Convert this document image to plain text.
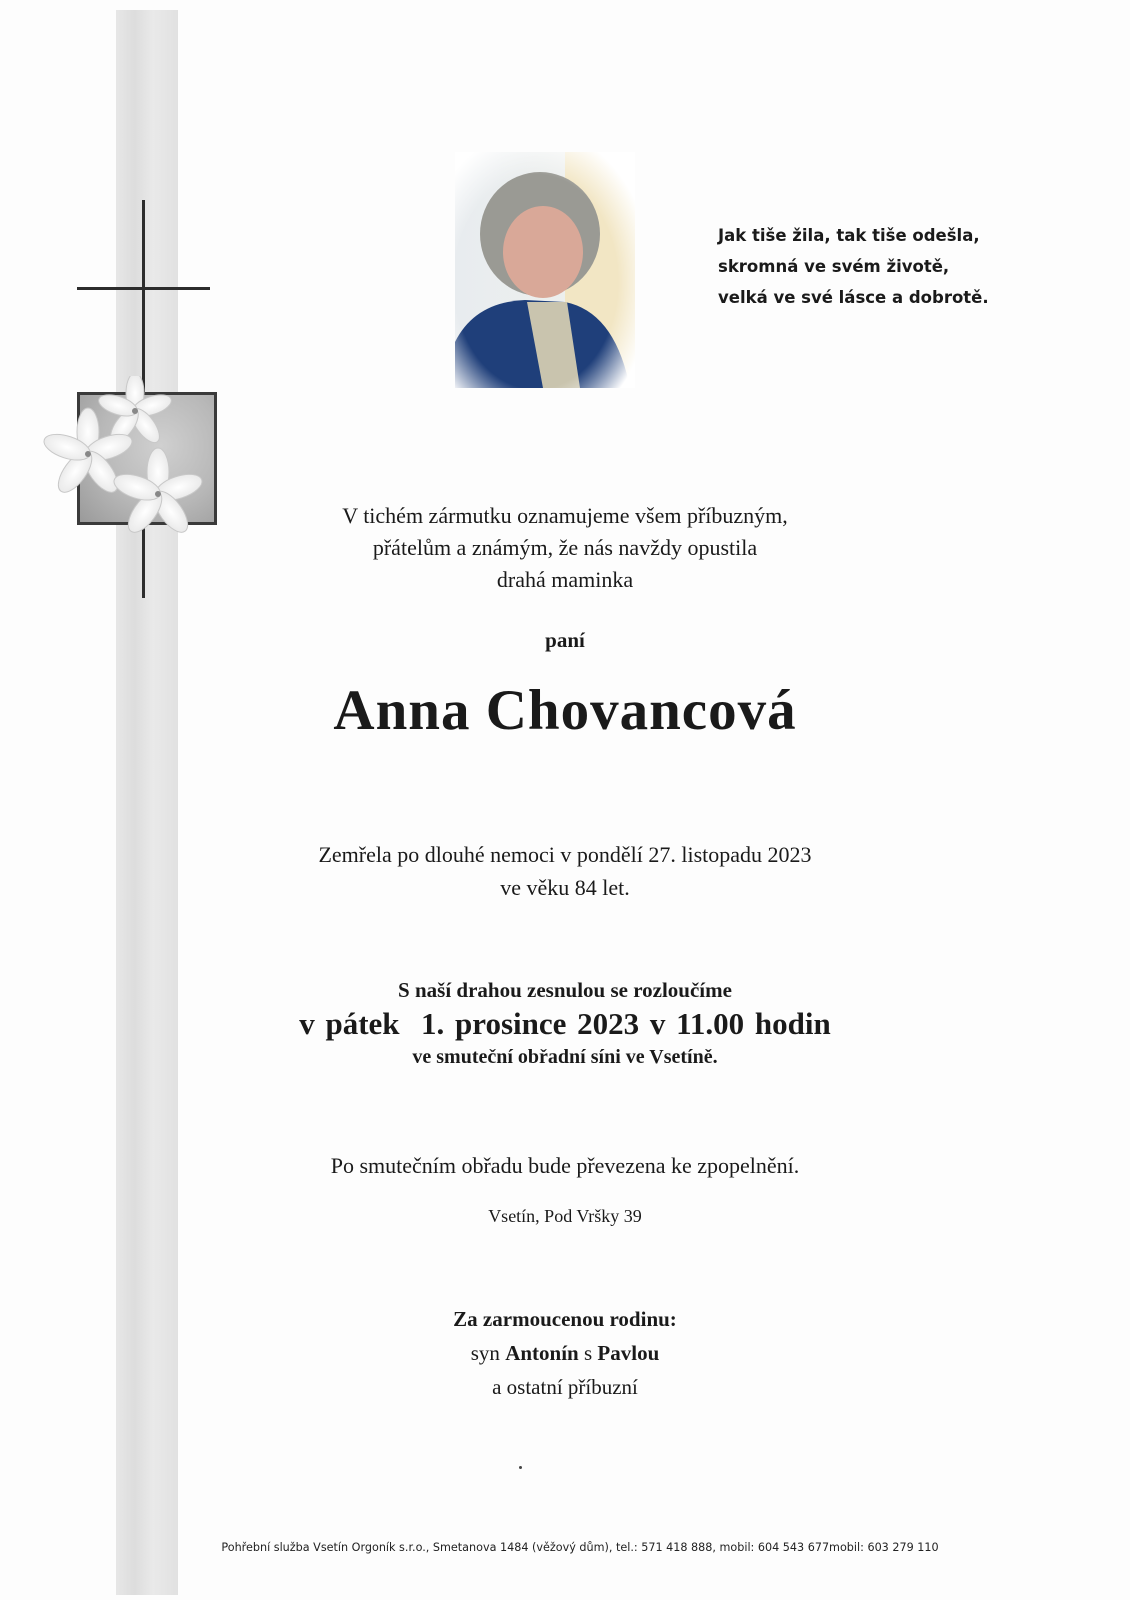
Jak tiše žila, tak tiše odešla,
skromná ve svém životě,
velká ve své lásce a dobrotě.
V tichém zármutku oznamujeme všem příbuzným,
přátelům a známým, že nás navždy opustila
drahá maminka
paní
Anna Chovancová
Zemřela po dlouhé nemoci v pondělí 27. listopadu 2023
ve věku 84 let.
S naší drahou zesnulou se rozloučíme
v pátek  1. prosince 2023 v 11.00 hodin
ve smuteční obřadní síni ve Vsetíně.
Po smutečním obřadu bude převezena ke zpopelnění.
Vsetín, Pod Vršky 39
Za zarmoucenou rodinu:
syn Antonín s Pavlou
a ostatní příbuzní
Pohřební služba Vsetín Orgoník s.r.o., Smetanova 1484 (věžový dům), tel.: 571 418 888, mobil: 604 543 677mobil: 603 279 110
